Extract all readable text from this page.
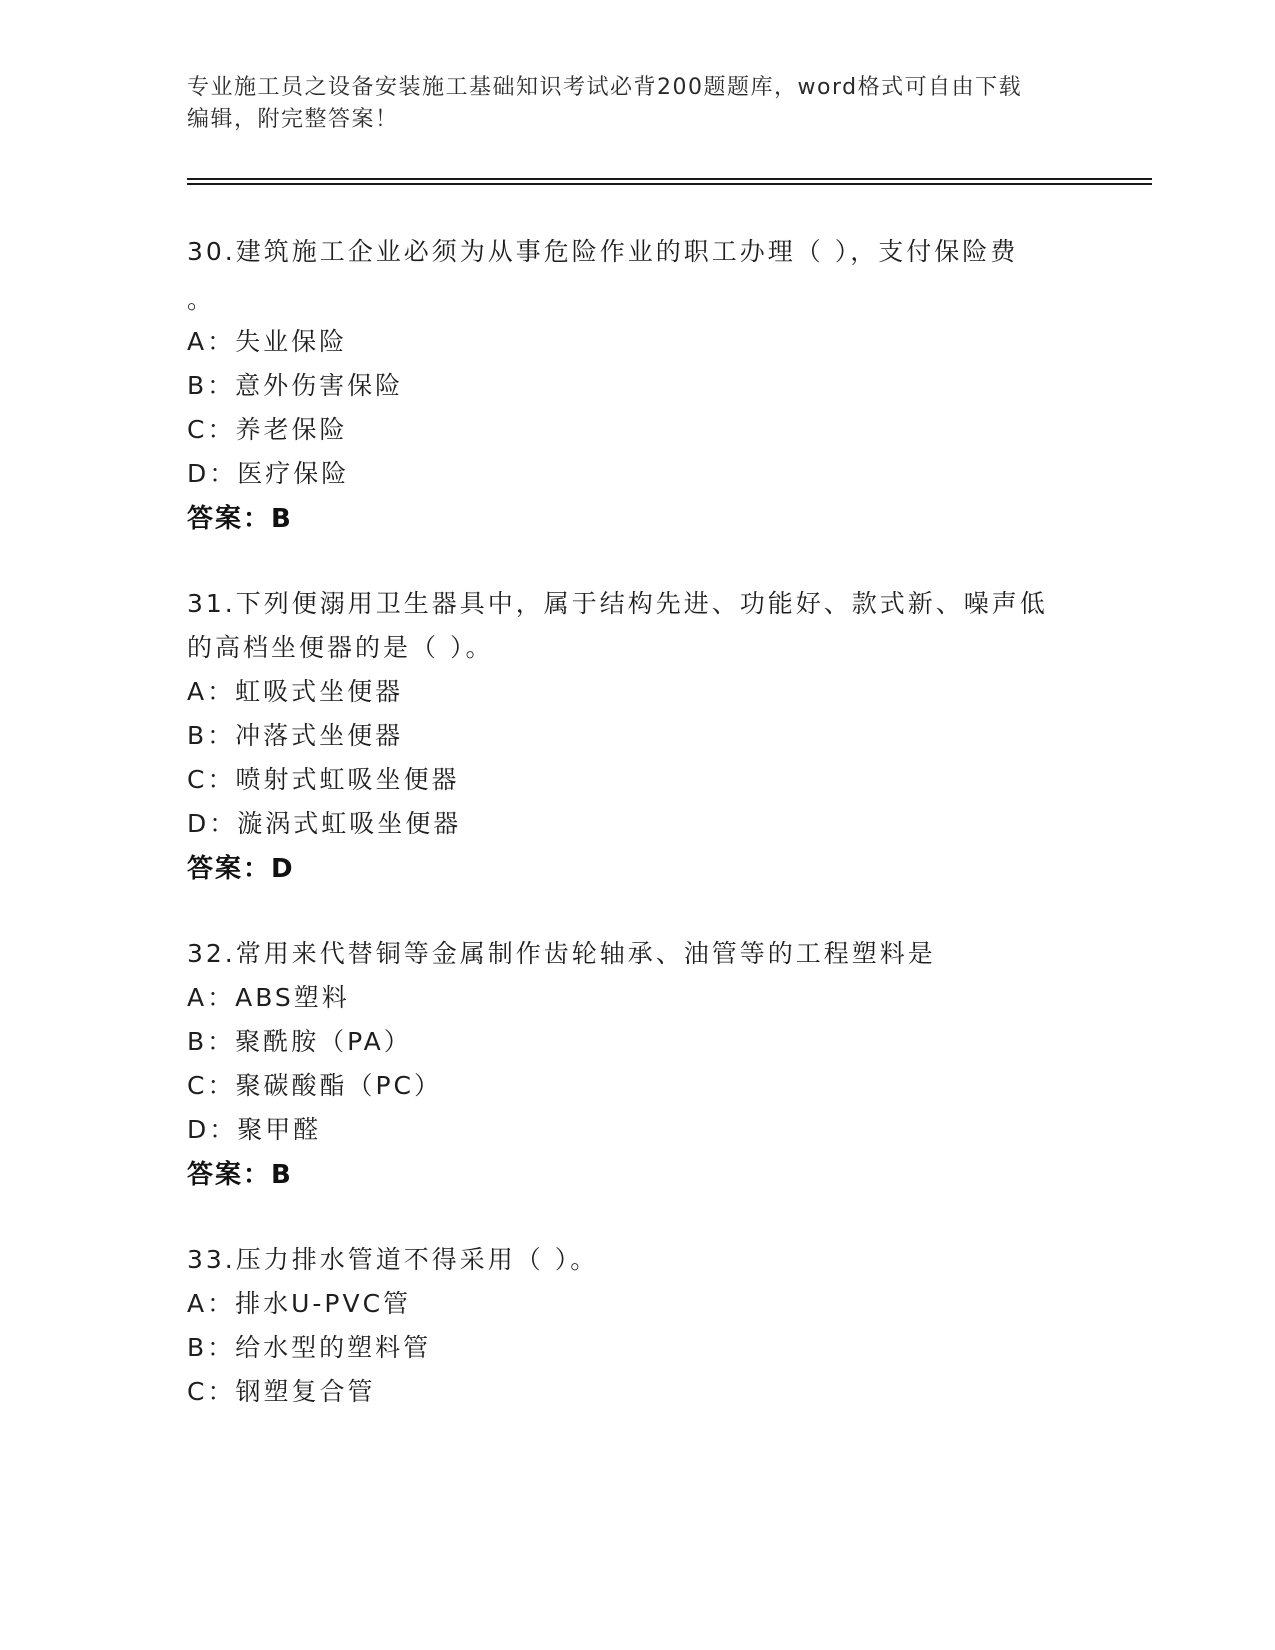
专业施工员之设备安装施工基础知识考试必背200题题库，word格式可自由下载
编辑，附完整答案！
30.建筑施工企业必须为从事危险作业的职工办理（ ），支付保险费
。
A：失业保险
B：意外伤害保险
C：养老保险
D：医疗保险
答案：B
31.下列便溺用卫生器具中，属于结构先进、功能好、款式新、噪声低
的高档坐便器的是（ ）。
A：虹吸式坐便器
B：冲落式坐便器
C：喷射式虹吸坐便器
D：漩涡式虹吸坐便器
答案：D
32.常用来代替铜等金属制作齿轮轴承、油管等的工程塑料是
A：ABS塑料
B：聚酰胺（PA）
C：聚碳酸酯（PC）
D：聚甲醛
答案：B
33.压力排水管道不得采用（ ）。
A：排水U-PVC管
B：给水型的塑料管
C：钢塑复合管
